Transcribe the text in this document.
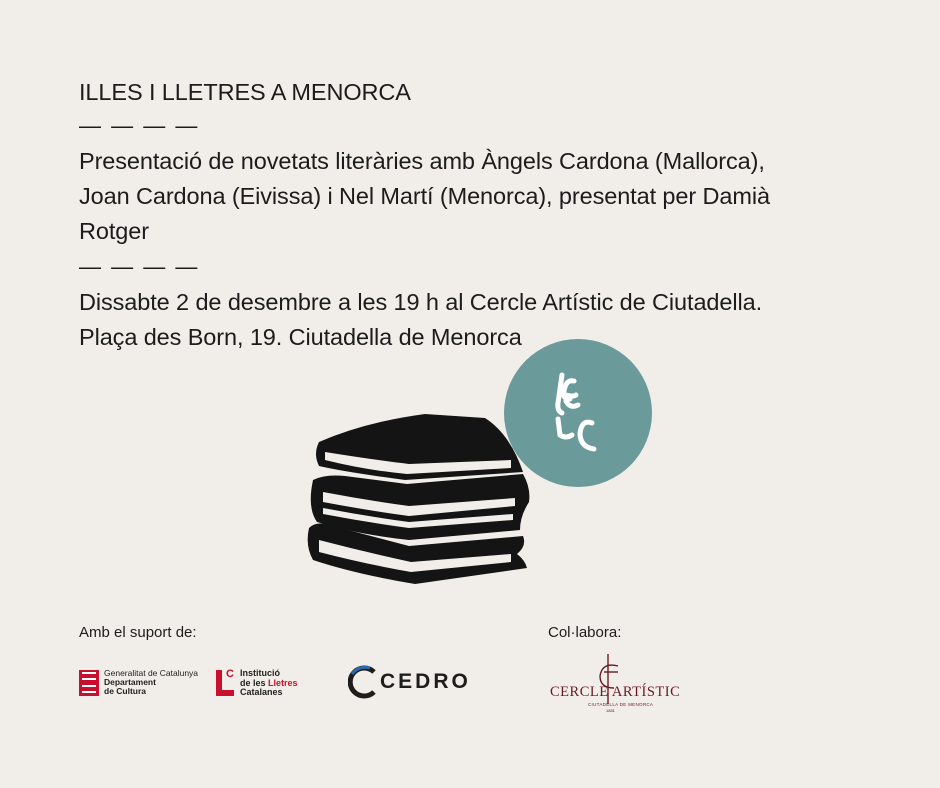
ILLES I LLETRES A MENORCA

— — — —

Presentació de novetats literàries amb Àngels Cardona (Mallorca),

Joan Cardona (Eivissa) i Nel Martí (Menorca), presentat per Damià

Rotger

— — — —

Dissabte 2 de desembre a les 19 h al Cercle Artístic de Ciutadella.

Plaça des Born, 19. Ciutadella de Menorca

Amb el suport de:	Col·labora:
Generalitat de Catalunya
Departament
de Cultura
C Institució
de les Lletres
Catalanes	CEDRO	CERCLE ARTÍSTIC
CIUTADELLA DE MENORCA
1881
